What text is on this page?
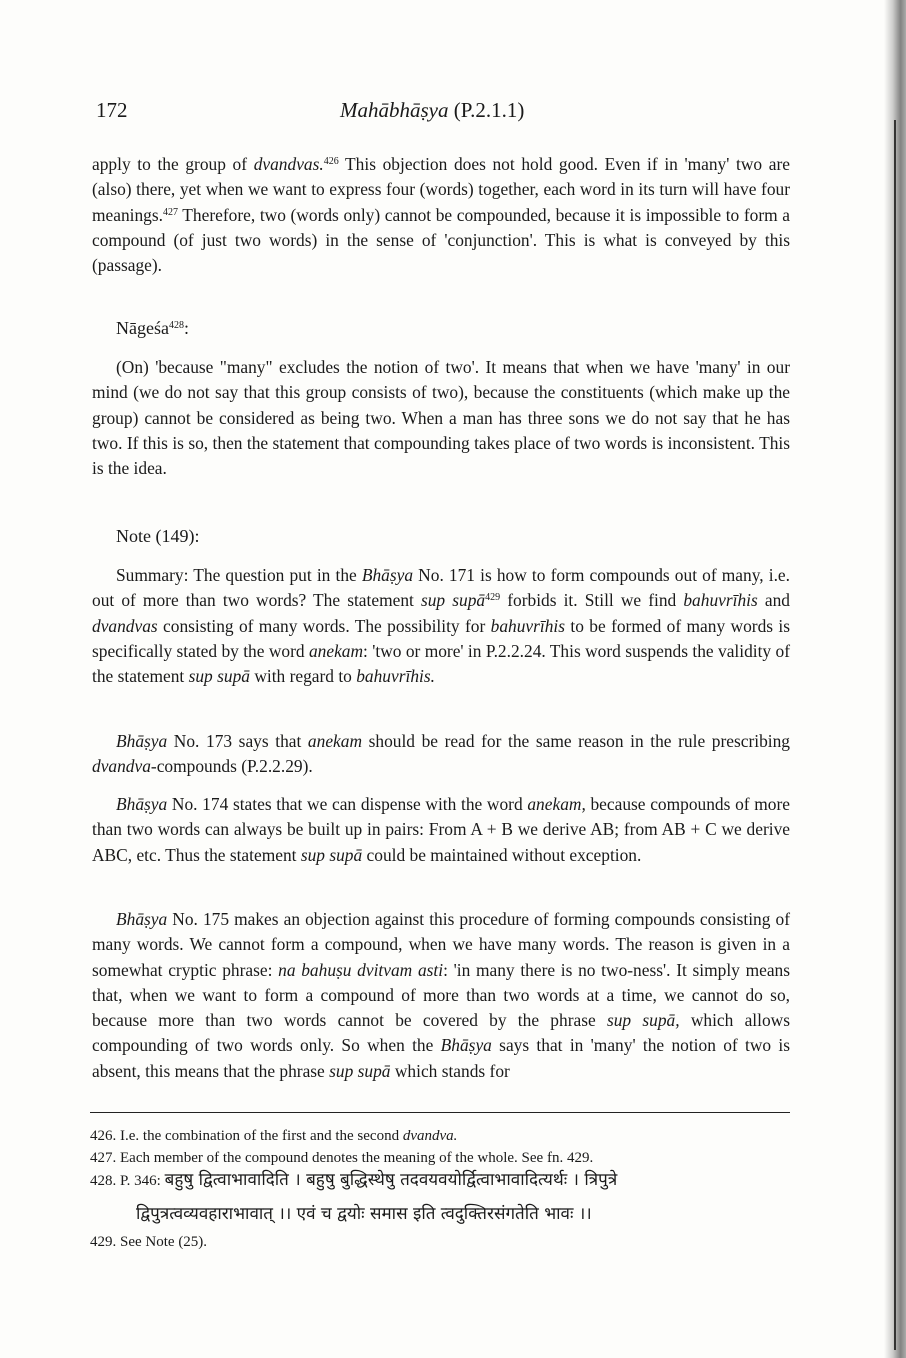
172	Mahābhāṣya (P.2.1.1)

apply to the group of dvandvas.$^{426}$ This objection does not hold good. Even if in 'many' two are (also) there, yet when we want to express four (words) together, each word in its turn will have four meanings.$^{427}$ Therefore, two (words only) cannot be compounded, because it is impossible to form a compound (of just two words) in the sense of 'conjunction'. This is what is conveyed by this (passage).

Nāgeśa$^{428}$:

(On) 'because "many" excludes the notion of two'. It means that when we have 'many' in our mind (we do not say that this group consists of two), because the constituents (which make up the group) cannot be considered as being two. When a man has three sons we do not say that he has two. If this is so, then the statement that compounding takes place of two words is inconsistent. This is the idea.

Note (149):

Summary: The question put in the Bhāṣya No. 171 is how to form compounds out of many, i.e. out of more than two words? The statement sup supā$^{429}$ forbids it. Still we find bahuvrīhis and dvandvas consisting of many words. The possibility for bahuvrīhis to be formed of many words is specifically stated by the word anekam: 'two or more' in P.2.2.24. This word suspends the validity of the statement sup supā with regard to bahuvrīhis.

Bhāṣya No. 173 says that anekam should be read for the same reason in the rule prescribing dvandva-compounds (P.2.2.29).

Bhāṣya No. 174 states that we can dispense with the word anekam, because compounds of more than two words can always be built up in pairs: From A + B we derive AB; from AB + C we derive ABC, etc. Thus the statement sup supā could be maintained without exception.

Bhāṣya No. 175 makes an objection against this procedure of forming compounds consisting of many words. We cannot form a compound, when we have many words. The reason is given in a somewhat cryptic phrase: na bahuṣu dvitvam asti: 'in many there is no two-ness'. It simply means that, when we want to form a compound of more than two words at a time, we cannot do so, because more than two words cannot be covered by the phrase sup supā, which allows compounding of two words only. So when the Bhāṣya says that in 'many' the notion of two is absent, this means that the phrase sup supā which stands for

426. I.e. the combination of the first and the second dvandva.
427. Each member of the compound denotes the meaning of the whole. See fn. 429.
428. P. 346: बहुषु द्वित्वाभावादिति । बहुषु बुद्धिस्थेषु तदवयवयोर्द्वित्वाभावादित्यर्थः । त्रिपुत्रे
द्विपुत्रत्वव्यवहाराभावात् ।। एवं च द्वयोः समास इति त्वदुक्तिरसंगतेति भावः ।।
429. See Note (25).
